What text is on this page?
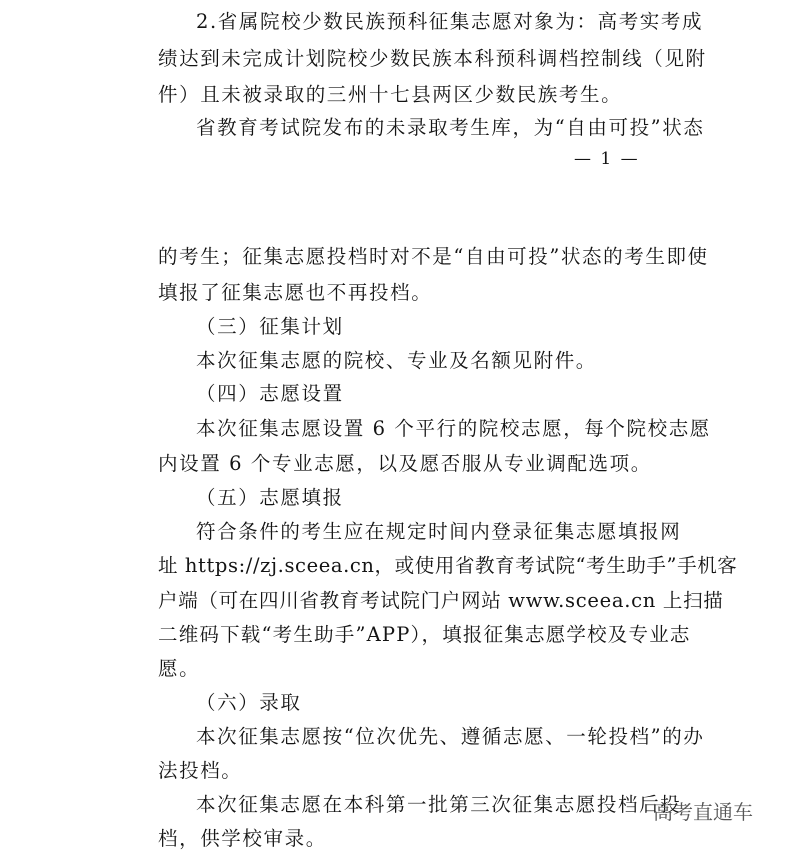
2.省属院校少数民族预科征集志愿对象为：高考实考成
绩达到未完成计划院校少数民族本科预科调档控制线（见附
件）且未被录取的三州十七县两区少数民族考生。
省教育考试院发布的未录取考生库，为“自由可投”状态
— 1 —
的考生；征集志愿投档时对不是“自由可投”状态的考生即使
填报了征集志愿也不再投档。
（三）征集计划
本次征集志愿的院校、专业及名额见附件。
（四）志愿设置
本次征集志愿设置 6 个平行的院校志愿，每个院校志愿
内设置 6 个专业志愿，以及愿否服从专业调配选项。
（五）志愿填报
符合条件的考生应在规定时间内登录征集志愿填报网
址 https://zj.sceea.cn，或使用省教育考试院“考生助手”手机客
户端（可在四川省教育考试院门户网站 www.sceea.cn 上扫描
二维码下载“考生助手”APP），填报征集志愿学校及专业志
愿。
（六）录取
本次征集志愿按“位次优先、遵循志愿、一轮投档”的办
法投档。
本次征集志愿在本科第一批第三次征集志愿投档后投
档，供学校审录。
高考直通车
